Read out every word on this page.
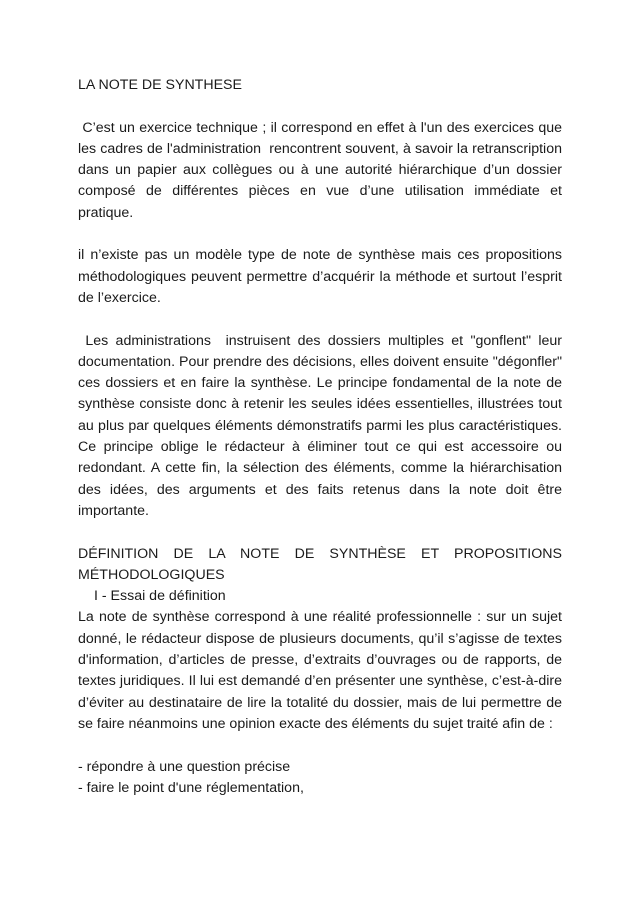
LA NOTE DE SYNTHESE

C’est un exercice technique ; il correspond en effet à l'un des exercices que les cadres de l'administration  rencontrent souvent, à savoir la retranscription dans un papier aux collègues ou à une autorité hiérarchique d’un dossier composé de différentes pièces en vue d’une utilisation immédiate et pratique.

il n’existe pas un modèle type de note de synthèse mais ces propositions méthodologiques peuvent permettre d’acquérir la méthode et surtout l’esprit de l’exercice.

Les administrations  instruisent des dossiers multiples et "gonflent" leur documentation. Pour prendre des décisions, elles doivent ensuite "dégonfler" ces dossiers et en faire la synthèse. Le principe fondamental de la note de synthèse consiste donc à retenir les seules idées essentielles, illustrées tout au plus par quelques éléments démonstratifs parmi les plus caractéristiques. Ce principe oblige le rédacteur à éliminer tout ce qui est accessoire ou redondant. A cette fin, la sélection des éléments, comme la hiérarchisation des idées, des arguments et des faits retenus dans la note doit être importante.

DÉFINITION DE LA NOTE DE SYNTHÈSE ET PROPOSITIONS
MÉTHODOLOGIQUES

I - Essai de définition

La note de synthèse correspond à une réalité professionnelle : sur un sujet donné, le rédacteur dispose de plusieurs documents, qu’il s’agisse de textes d'information, d’articles de presse, d’extraits d’ouvrages ou de rapports, de textes juridiques. Il lui est demandé d’en présenter une synthèse, c’est-à-dire d’éviter au destinataire de lire la totalité du dossier, mais de lui permettre de se faire néanmoins une opinion exacte des éléments du sujet traité afin de :

- répondre à une question précise

- faire le point d'une réglementation,
